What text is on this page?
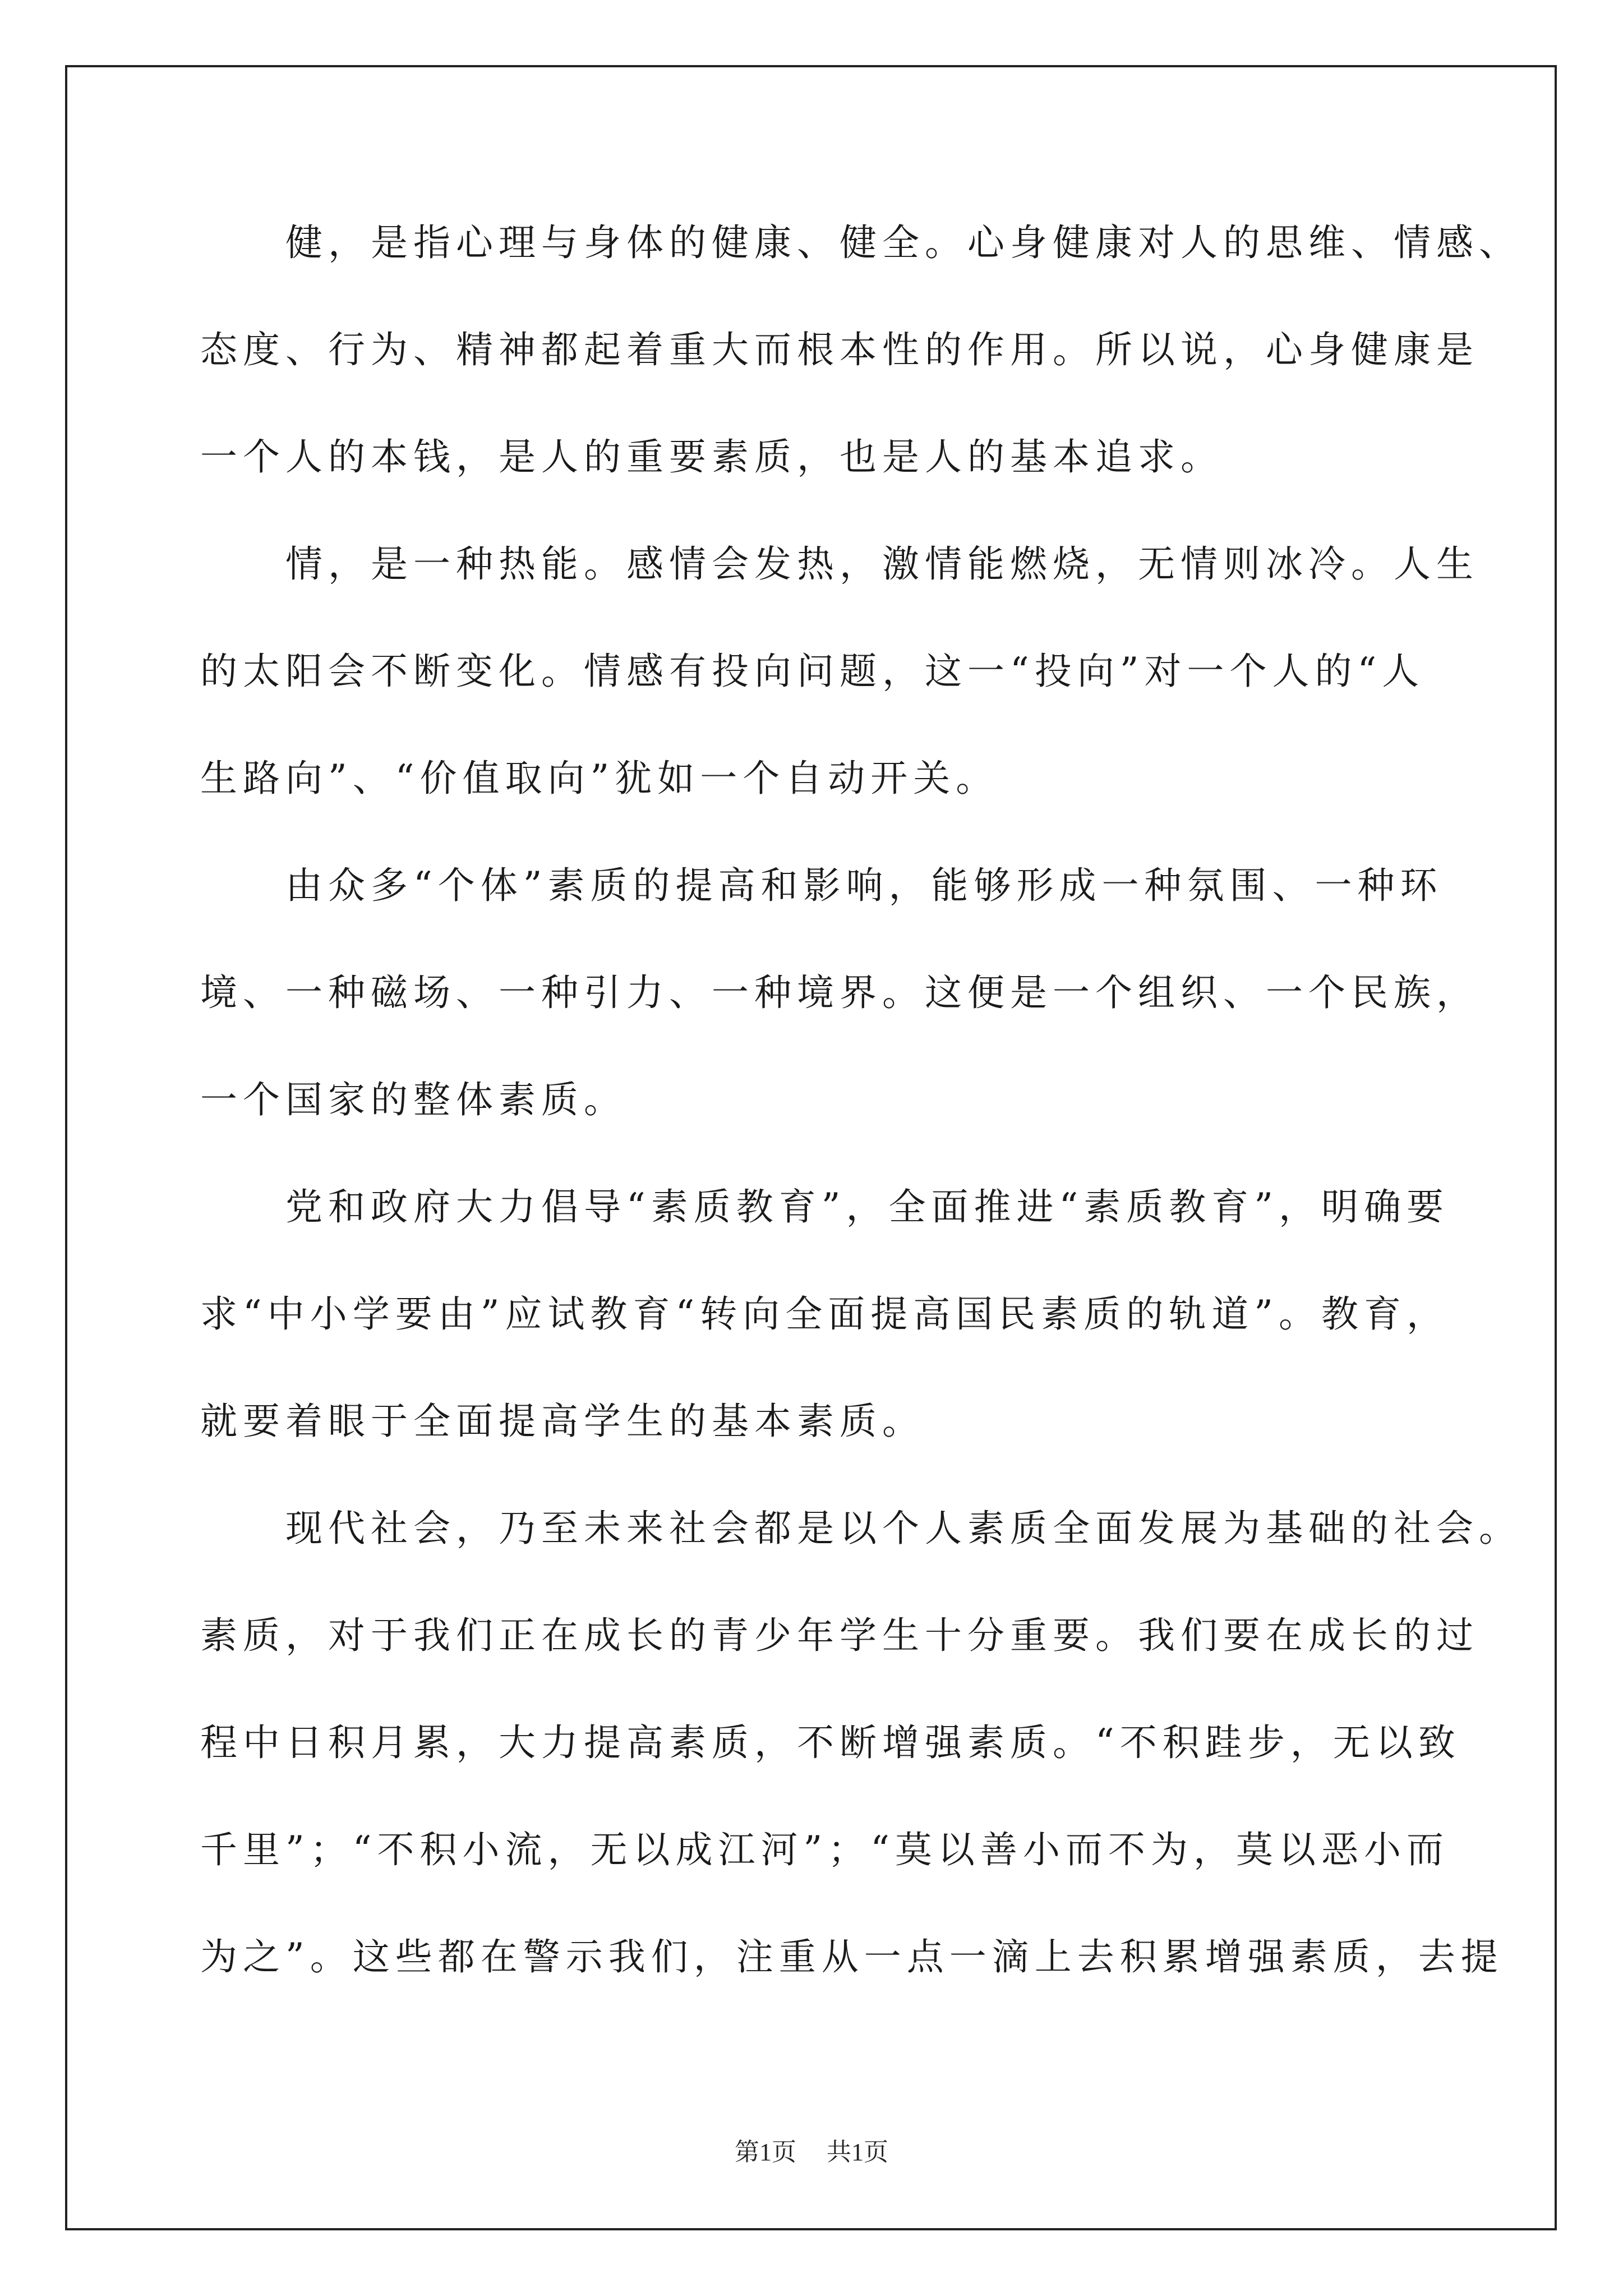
　　健，是指心理与身体的健康、健全。心身健康对人的思维、情感、
态度、行为、精神都起着重大而根本性的作用。所以说，心身健康是
一个人的本钱，是人的重要素质，也是人的基本追求。
　　情，是一种热能。感情会发热，激情能燃烧，无情则冰冷。人生
的太阳会不断变化。情感有投向问题，这一“投向”对一个人的“人
生路向”、“价值取向”犹如一个自动开关。
　　由众多“个体”素质的提高和影响，能够形成一种氛围、一种环
境、一种磁场、一种引力、一种境界。这便是一个组织、一个民族，
一个国家的整体素质。
　　党和政府大力倡导“素质教育”，全面推进“素质教育”，明确要
求“中小学要由”应试教育“转向全面提高国民素质的轨道”。教育，
就要着眼于全面提高学生的基本素质。
　　现代社会，乃至未来社会都是以个人素质全面发展为基础的社会。
素质，对于我们正在成长的青少年学生十分重要。我们要在成长的过
程中日积月累，大力提高素质，不断增强素质。“不积跬步，无以致
千里”；“不积小流，无以成江河”；“莫以善小而不为，莫以恶小而
为之”。这些都在警示我们，注重从一点一滴上去积累增强素质，去提
第1页 共1页
